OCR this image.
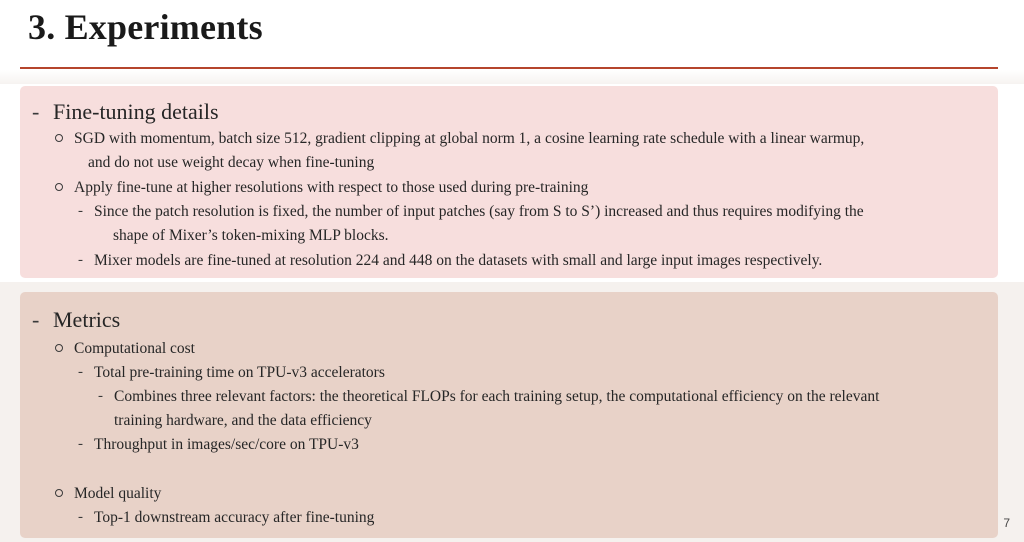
3. Experiments
- Fine-tuning details
SGD with momentum, batch size 512, gradient clipping at global norm 1, a cosine learning rate schedule with a linear warmup,
and do not use weight decay when fine-tuning
Apply fine-tune at higher resolutions with respect to those used during pre-training
- Since the patch resolution is fixed, the number of input patches (say from S to S’) increased and thus requires modifying the
shape of Mixer’s token-mixing MLP blocks.
- Mixer models are fine-tuned at resolution 224 and 448 on the datasets with small and large input images respectively.
- Metrics
Computational cost
- Total pre-training time on TPU-v3 accelerators
- Combines three relevant factors: the theoretical FLOPs for each training setup, the computational efficiency on the relevant
training hardware, and the data efficiency
- Throughput in images/sec/core on TPU-v3
Model quality
- Top-1 downstream accuracy after fine-tuning	7
